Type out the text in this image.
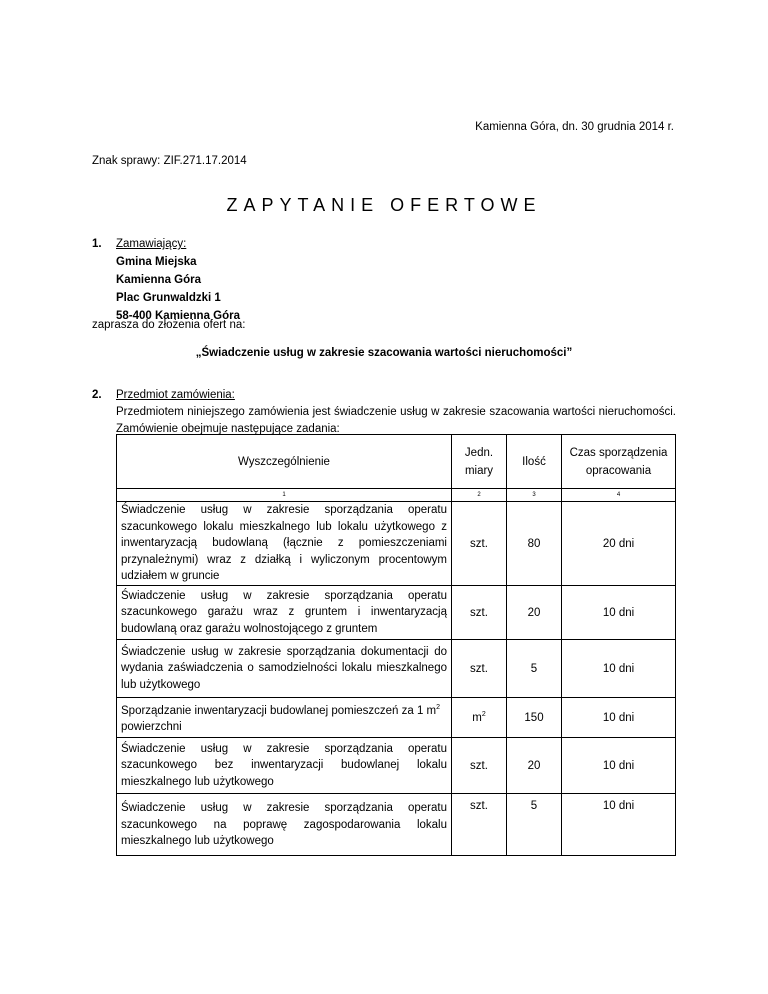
Kamienna Góra, dn. 30 grudnia 2014 r.
Znak sprawy: ZIF.271.17.2014
ZAPYTANIE OFERTOWE
1. Zamawiający:
Gmina Miejska
Kamienna Góra
Plac Grunwaldzki 1
58-400 Kamienna Góra
zaprasza do złożenia ofert na:
„Świadczenie usług w zakresie szacowania wartości nieruchomości”
2. Przedmiot zamówienia:
Przedmiotem niniejszego zamówienia jest świadczenie usług w zakresie szacowania wartości nieruchomości. Zamówienie obejmuje następujące zadania:
Wyszczególnienie	Jedn. miary	Ilość	Czas sporządzenia opracowania
1	2	3	4
Świadczenie usług w zakresie sporządzania operatu szacunkowego lokalu mieszkalnego lub lokalu użytkowego z inwentaryzacją budowlaną (łącznie z pomieszczeniami przynależnymi) wraz z działką i wyliczonym procentowym udziałem w gruncie	szt.	80	20 dni
Świadczenie usług w zakresie sporządzania operatu szacunkowego garażu wraz z gruntem i inwentaryzacją budowlaną oraz garażu wolnostojącego z gruntem	szt.	20	10 dni
Świadczenie usług w zakresie sporządzania dokumentacji do wydania zaświadczenia o samodzielności lokalu mieszkalnego lub użytkowego	szt.	5	10 dni
Sporządzanie inwentaryzacji budowlanej pomieszczeń za 1 $m^2$ powierzchni	$m^2$	150	10 dni
Świadczenie usług w zakresie sporządzania operatu szacunkowego bez inwentaryzacji budowlanej lokalu mieszkalnego lub użytkowego	szt.	20	10 dni
Świadczenie usług w zakresie sporządzania operatu szacunkowego na poprawę zagospodarowania lokalu mieszkalnego lub użytkowego	szt.	5	10 dni
